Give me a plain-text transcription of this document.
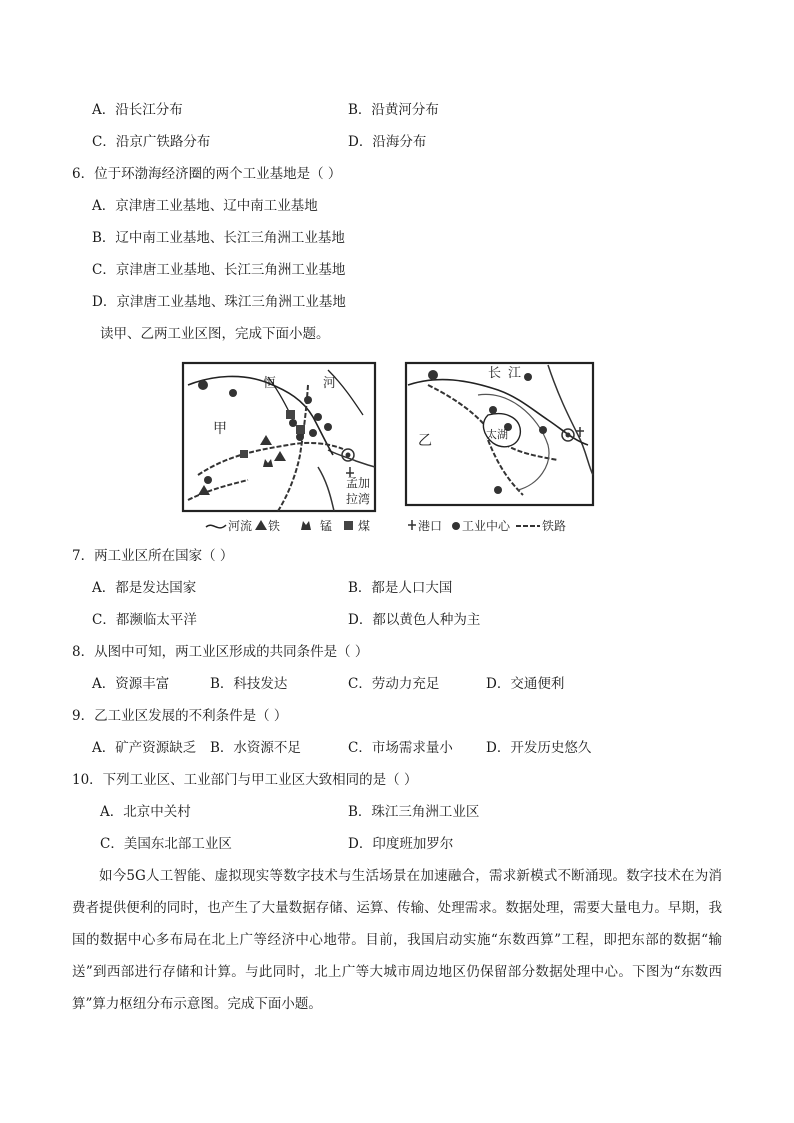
A．沿长江分布	B．沿黄河分布
C．沿京广铁路分布	D．沿海分布
6．位于环渤海经济圈的两个工业基地是（ ）
A．京津唐工业基地、辽中南工业基地
B．辽中南工业基地、长江三角洲工业基地
C．京津唐工业基地、长江三角洲工业基地
D．京津唐工业基地、珠江三角洲工业基地
读甲、乙两工业区图，完成下面小题。
甲
恒	河
孟加
拉湾
乙
长 江
太湖
河流 铁	锰 煤	港口 工业中心	铁路
7．两工业区所在国家（ ）
A．都是发达国家	B．都是人口大国
C．都濒临太平洋	D．都以黄色人种为主
8．从图中可知，两工业区形成的共同条件是（ ）
A．资源丰富	B．科技发达	C．劳动力充足	D．交通便利
9．乙工业区发展的不利条件是（ ）
A．矿产资源缺乏 B．水资源不足	C．市场需求量小 D．开发历史悠久
10．下列工业区、工业部门与甲工业区大致相同的是（ ）
A．北京中关村	B．珠江三角洲工业区
C．美国东北部工业区	D．印度班加罗尔

如今5G人工智能、虚拟现实等数字技术与生活场景在加速融合，需求新模式不断涌现。数字技术在为消费者提供便利的同时，也产生了大量数据存储、运算、传输、处理需求。数据处理，需要大量电力。早期，我国的数据中心多布局在北上广等经济中心地带。目前，我国启动实施“东数西算”工程，即把东部的数据“输送”到西部进行存储和计算。与此同时，北上广等大城市周边地区仍保留部分数据处理中心。下图为“东数西算”算力枢纽分布示意图。完成下面小题。
